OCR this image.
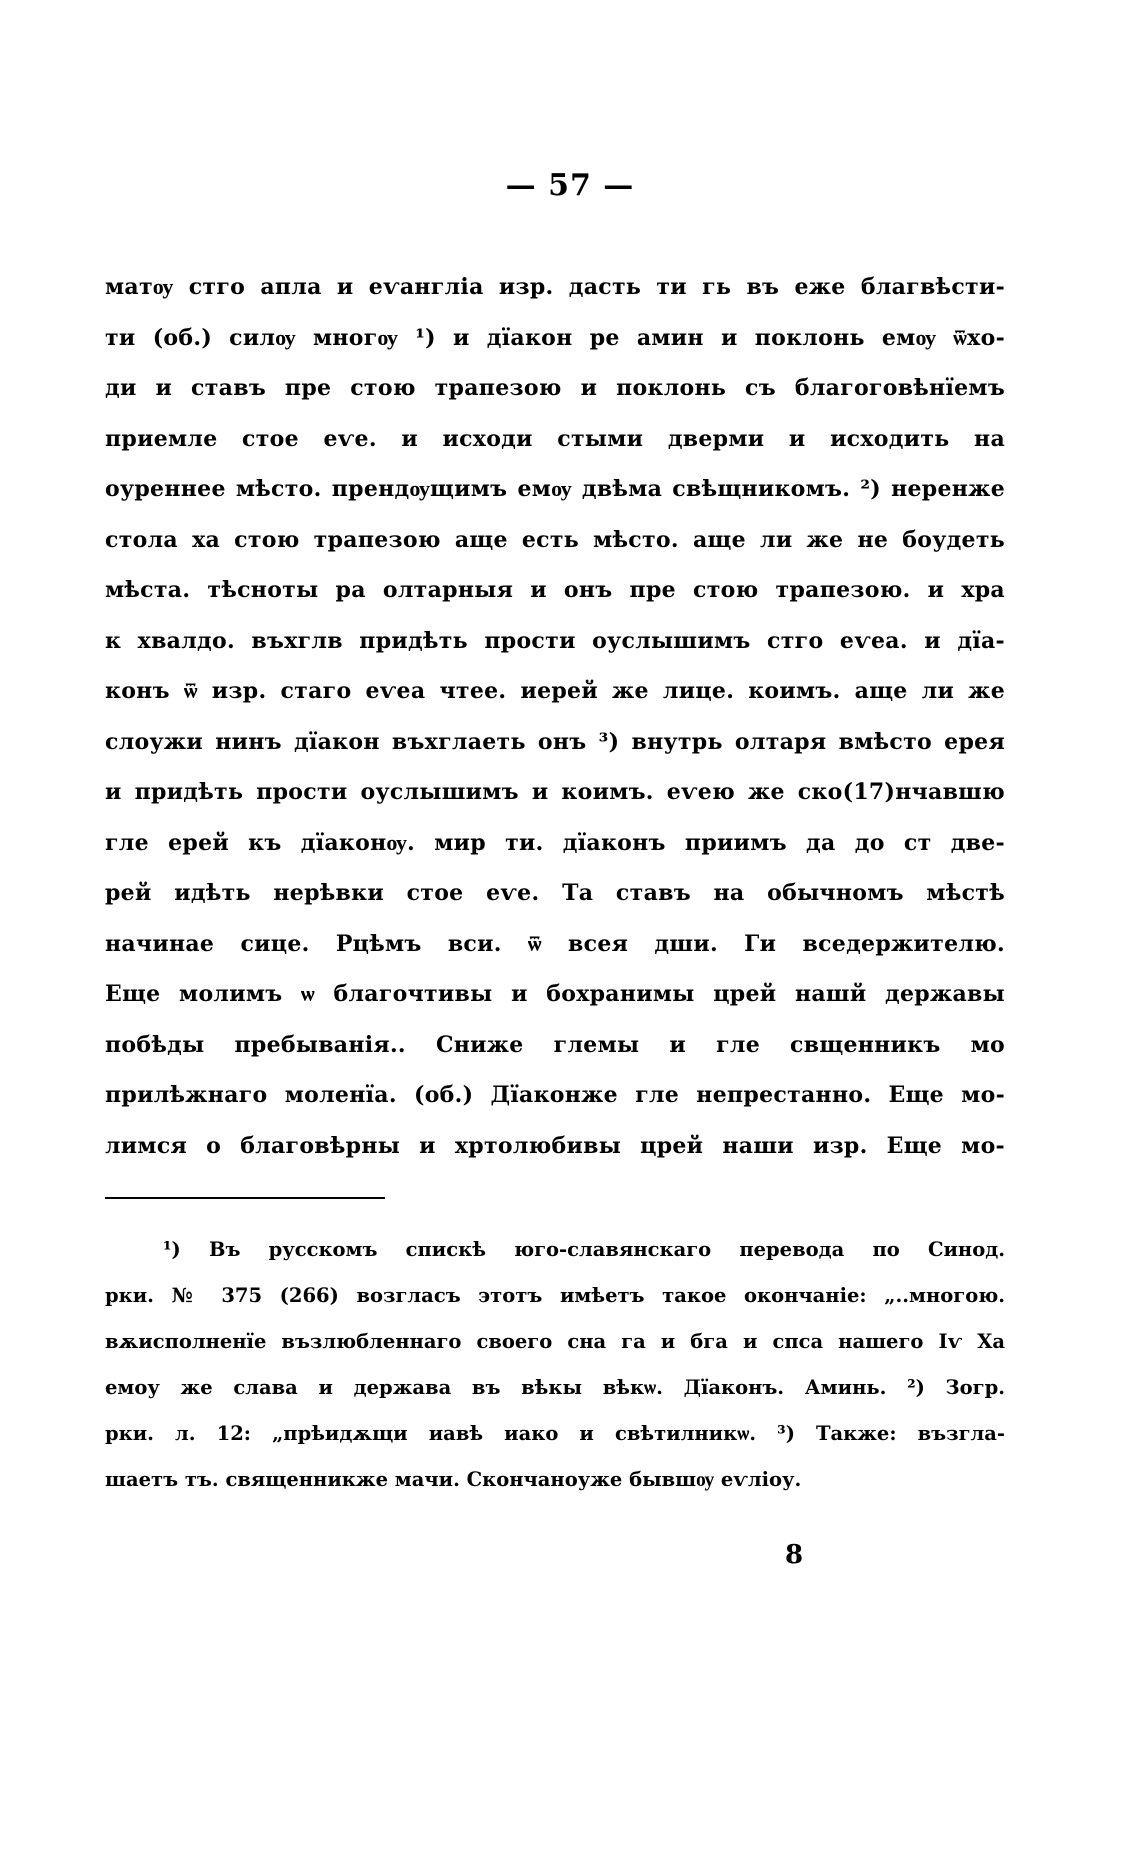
— 57 —
матѹ стго апла и еѵангліа изр. дасть ти гь въ еже благвѣсти-
ти (об.) силѹ многѹ ¹) и дїакон ре амин и поклонь емѹ ѿхо-
ди и ставъ пре стою трапезою и поклонь съ благоговѣнїемъ
приемле стое еѵе. и исходи стыми дверми и исходить на
оуреннее мѣсто. прендѹщимъ емѹ двѣма свѣщникомъ. ²) неренже
стола ха стою трапезою аще есть мѣсто. аще ли же не боудеть
мѣста. тѣсноты ра олтарныя и онъ пре стою трапезою. и хра
к хвалдо. въхглв придѣть прости оуслышимъ стго еѵеа. и дїа-
конъ ѿ изр. стаго еѵеа чтее. иерей же лице. коимъ. аще ли же
слоужи нинъ дїакон въхглаеть онъ ³) внутрь олтаря вмѣсто ерея
и придѣть прости оуслышимъ и коимъ. еѵею же ско(17)нчавшю
гле ерей къ дїаконѹ. мир ти. дїаконъ приимъ да до ст две-
рей идѣть нерѣвки стое еѵе. Та ставъ на обычномъ мѣстѣ
начинае сице. Рцѣмъ вси. ѿ всея дши. Ги вседержителю.
Еще молимъ ѡ благочтивы и бохранимы црей нашй державы
побѣды пребыванія.. Сниже глемы и гле свщенникъ мо
прилѣжнаго моленїа. (об.) Дїаконже гле непрестанно. Еще мо-
лимся о благовѣрны и хртолюбивы црей наши изр. Еще мо-
¹) Въ русскомъ спискѣ юго-славянскаго перевода по Синод.
рки. № 375 (266) возгласъ этотъ имѣетъ такое окончаніе: „..многою.
вѫисполненїе възлюбленнаго своего сна га и бга и спса нашего Іѵ Ха
емоу же слава и держава въ вѣкы вѣкѡ. Дїаконъ. Аминь. ²) Зогр.
рки. л. 12: „прѣидѫщи иавѣ иако и свѣтилникѡ. ³) Также: възгла-
шаетъ тъ. священникже мачи. Скончаноуже бывшѹ еѵліоу.
8
